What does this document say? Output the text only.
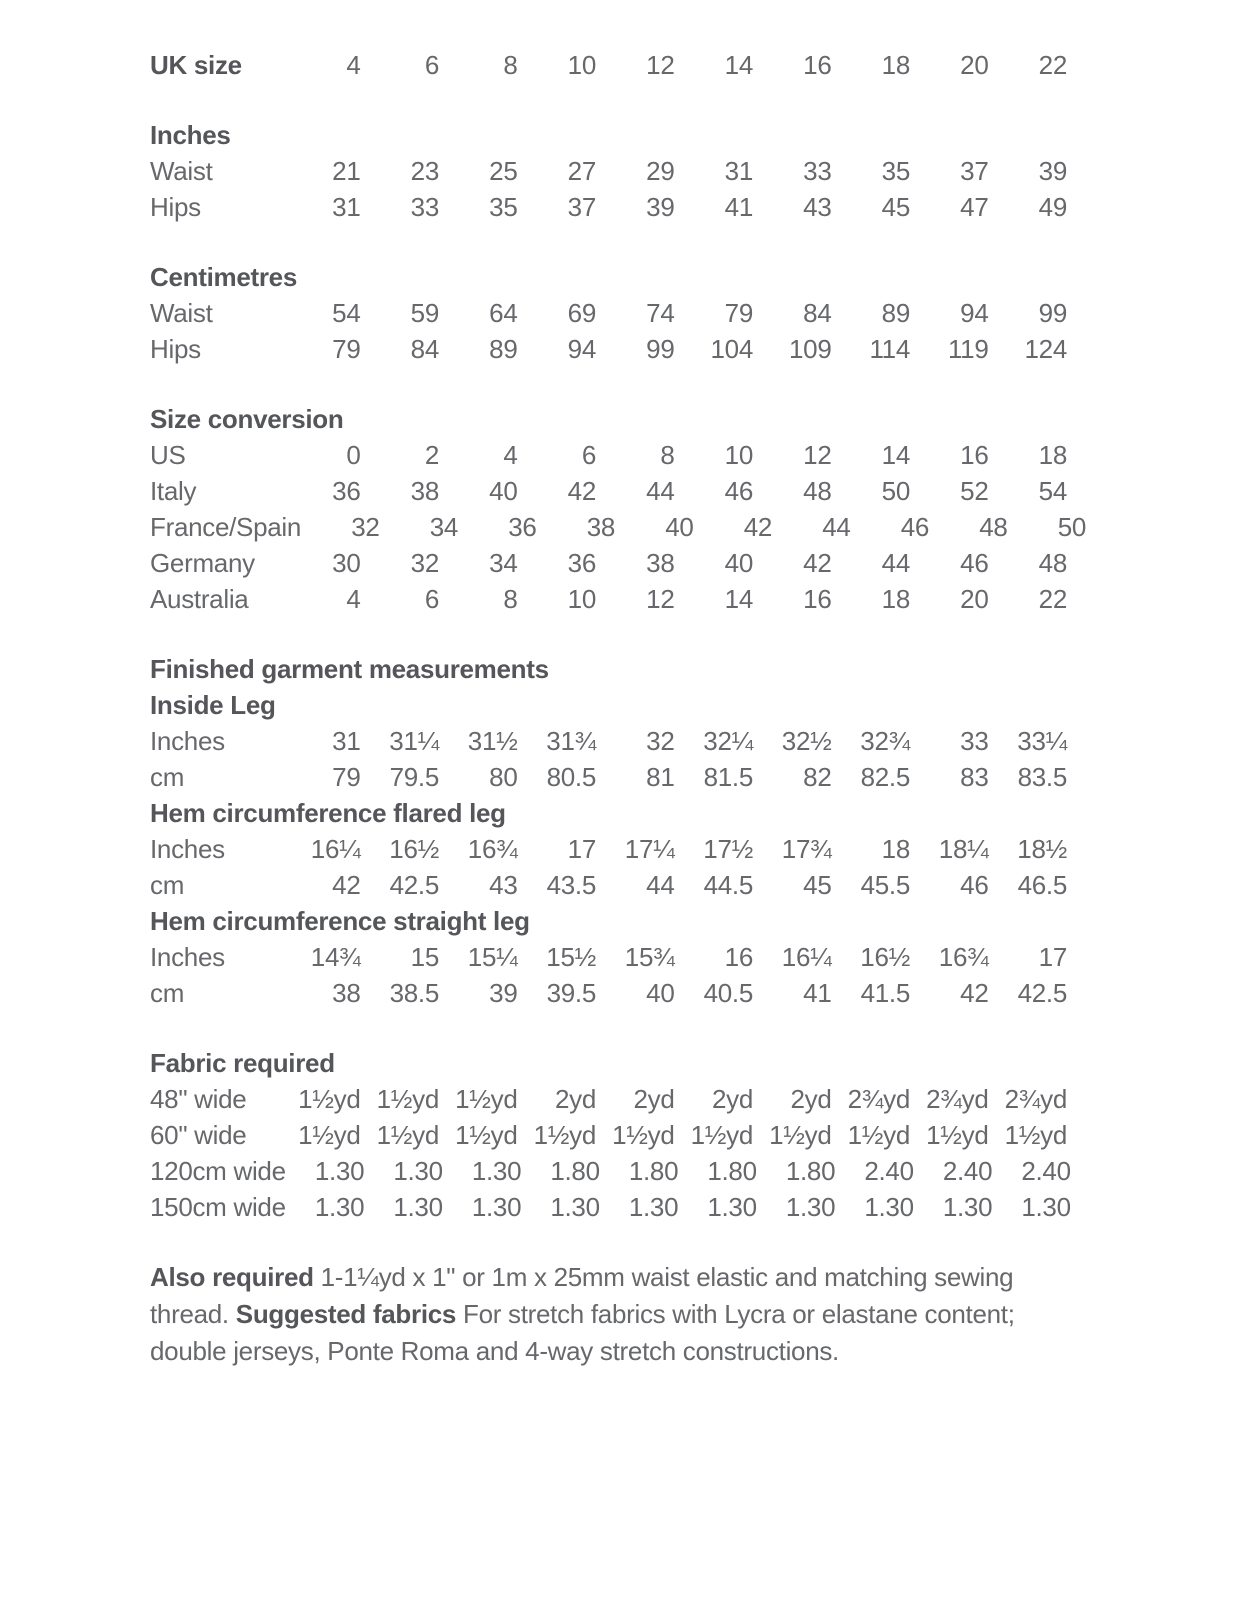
UK size	4	6	8	10	12	14	16	18	20	22
Inches
Waist	21	23	25	27	29	31	33	35	37	39
Hips	31	33	35	37	39	41	43	45	47	49
Centimetres
Waist	54	59	64	69	74	79	84	89	94	99
Hips	79	84	89	94	99	104	109	114	119	124
Size conversion
US	0	2	4	6	8	10	12	14	16	18
Italy	36	38	40	42	44	46	48	50	52	54
France/Spain	32	34	36	38	40	42	44	46	48	50
Germany	30	32	34	36	38	40	42	44	46	48
Australia	4	6	8	10	12	14	16	18	20	22
Finished garment measurements
Inside Leg
Inches	31	31¼	31½	31¾	32	32¼	32½	32¾	33	33¼
cm	79	79.5	80	80.5	81	81.5	82	82.5	83	83.5
Hem circumference flared leg
Inches	16¼	16½	16¾	17	17¼	17½	17¾	18	18¼	18½
cm	42	42.5	43	43.5	44	44.5	45	45.5	46	46.5
Hem circumference straight leg
Inches	14¾	15	15¼	15½	15¾	16	16¼	16½	16¾	17
cm	38	38.5	39	39.5	40	40.5	41	41.5	42	42.5
Fabric required
48" wide	1½yd 1½yd 1½yd	2yd	2yd	2yd	2yd 2¾yd 2¾yd 2¾yd
60" wide	1½yd 1½yd 1½yd 1½yd 1½yd 1½yd 1½yd 1½yd 1½yd 1½yd
120cm wide	1.30	1.30	1.30	1.80	1.80	1.80	1.80	2.40	2.40	2.40
150cm wide	1.30	1.30	1.30	1.30	1.30	1.30	1.30	1.30	1.30	1.30
Also required 1-1¼yd x 1" or 1m x 25mm waist elastic and matching sewing thread. Suggested fabrics For stretch fabrics with Lycra or elastane content; double jerseys, Ponte Roma and 4-way stretch constructions.
